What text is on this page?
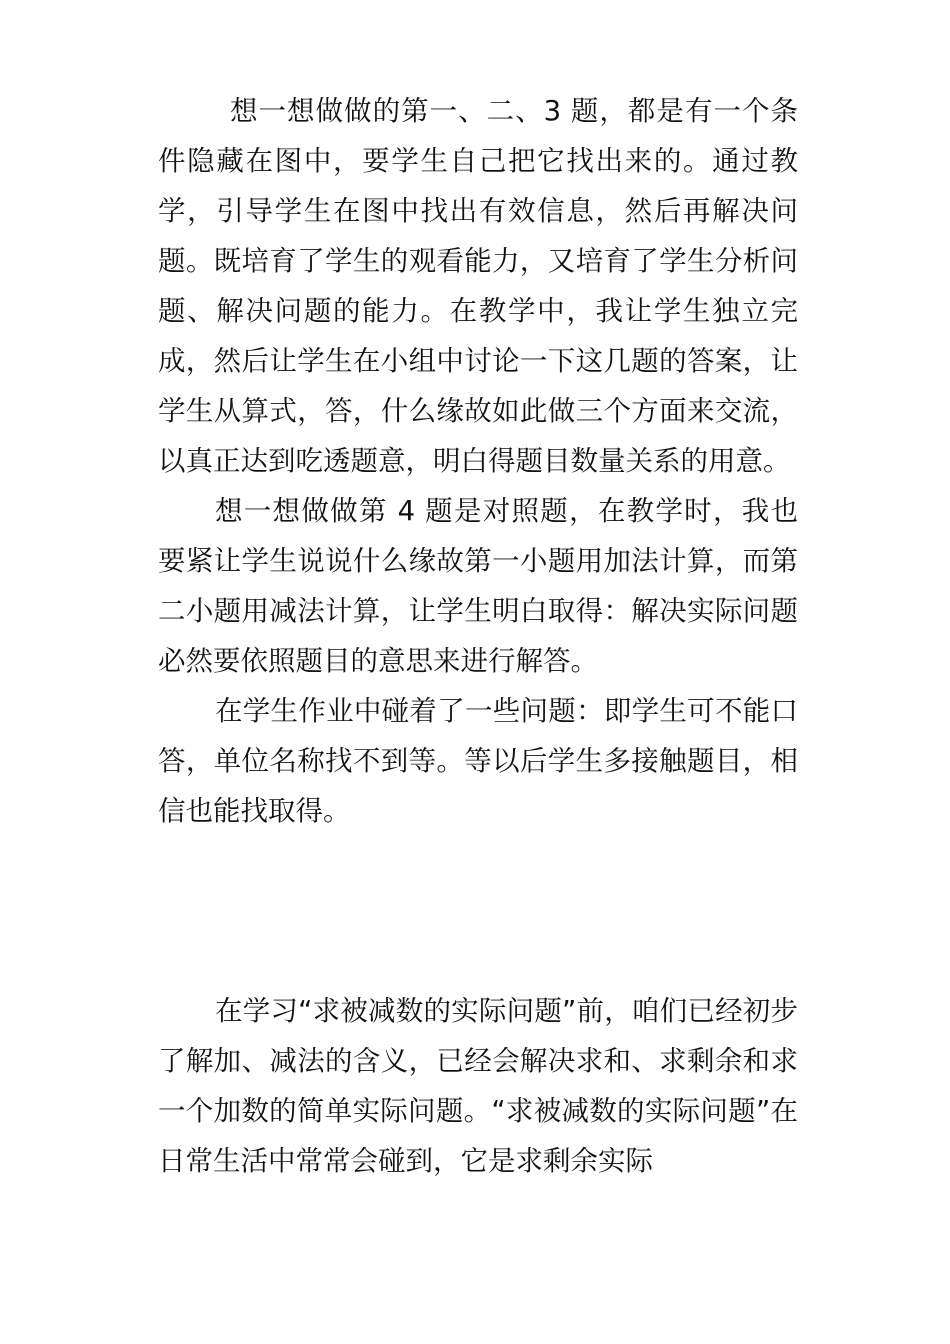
想一想做做的第一、二、3 题，都是有一个条件隐藏在图中，要学生自己把它找出来的。通过教学，引导学生在图中找出有效信息，然后再解决问题。既培育了学生的观看能力，又培育了学生分析问题、解决问题的能力。在教学中，我让学生独立完成，然后让学生在小组中讨论一下这几题的答案，让学生从算式，答，什么缘故如此做三个方面来交流，以真正达到吃透题意，明白得题目数量关系的用意。

想一想做做第 4 题是对照题，在教学时，我也要紧让学生说说什么缘故第一小题用加法计算，而第二小题用减法计算，让学生明白取得：解决实际问题必然要依照题目的意思来进行解答。

在学生作业中碰着了一些问题：即学生可不能口答，单位名称找不到等。等以后学生多接触题目，相信也能找取得。

在学习“求被减数的实际问题”前，咱们已经初步了解加、减法的含义，已经会解决求和、求剩余和求一个加数的简单实际问题。“求被减数的实际问题”在日常生活中常常会碰到，它是求剩余实际
